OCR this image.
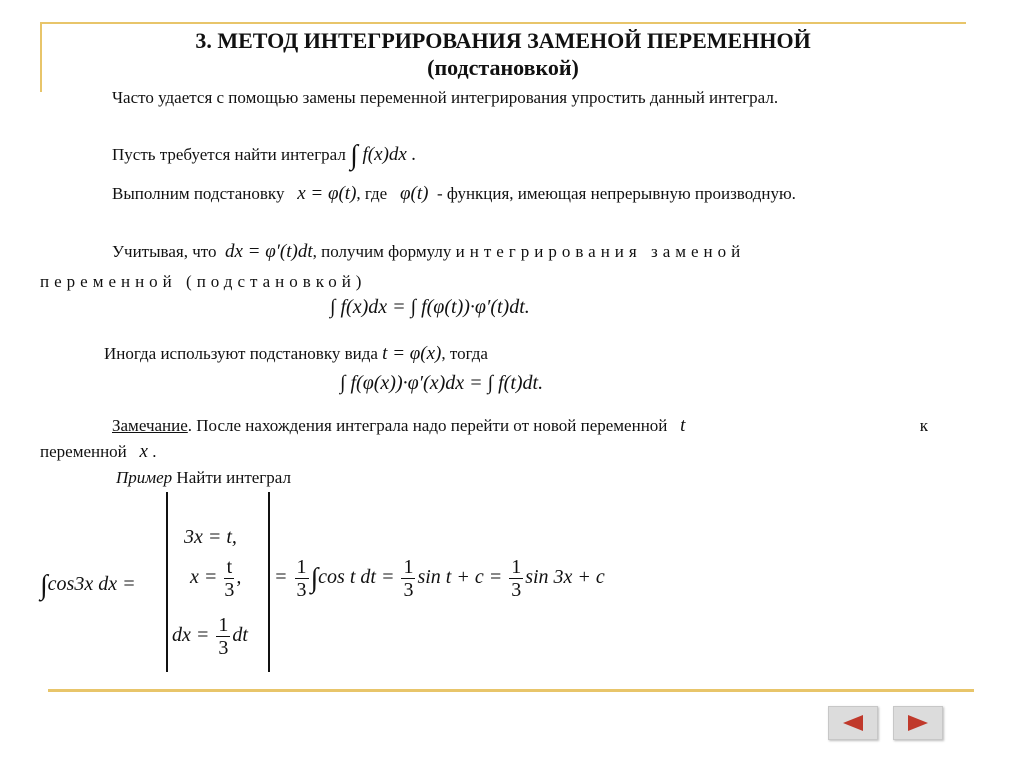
3. МЕТОД ИНТЕГРИРОВАНИЯ ЗАМЕНОЙ ПЕРЕМЕННОЙ
(подстановкой)
Часто удается с помощью замены переменной интегрирования упростить данный интеграл.
Пусть требуется найти интеграл ∫ f(x)dx .
Выполним подстановку x = φ(t), где φ(t) - функция, имеющая непрерывную производную.
Учитывая, что dx = φ′(t)dt, получим формулу интегрирования заменой
переменной (подстановкой)
∫ f(x)dx = ∫ f(φ(t))·φ′(t)dt.
Иногда используют подстановку вида t = φ(x), тогда
∫ f(φ(x))·φ′(x)dx = ∫ f(t)dt.
Замечание. После нахождения интеграла надо перейти от новой переменной t	к
переменной x .
Пример Найти интеграл
∫cos3x dx =
3x = t,
$x = \frac{t}{3}$ ,
dx = $\frac{1}{3}$ dt
= $\frac{1}{3} \int\cos$ t dt = $\frac{1}{3}$ $\sin t + c = \frac{1}{3}$ sin 3x + c
